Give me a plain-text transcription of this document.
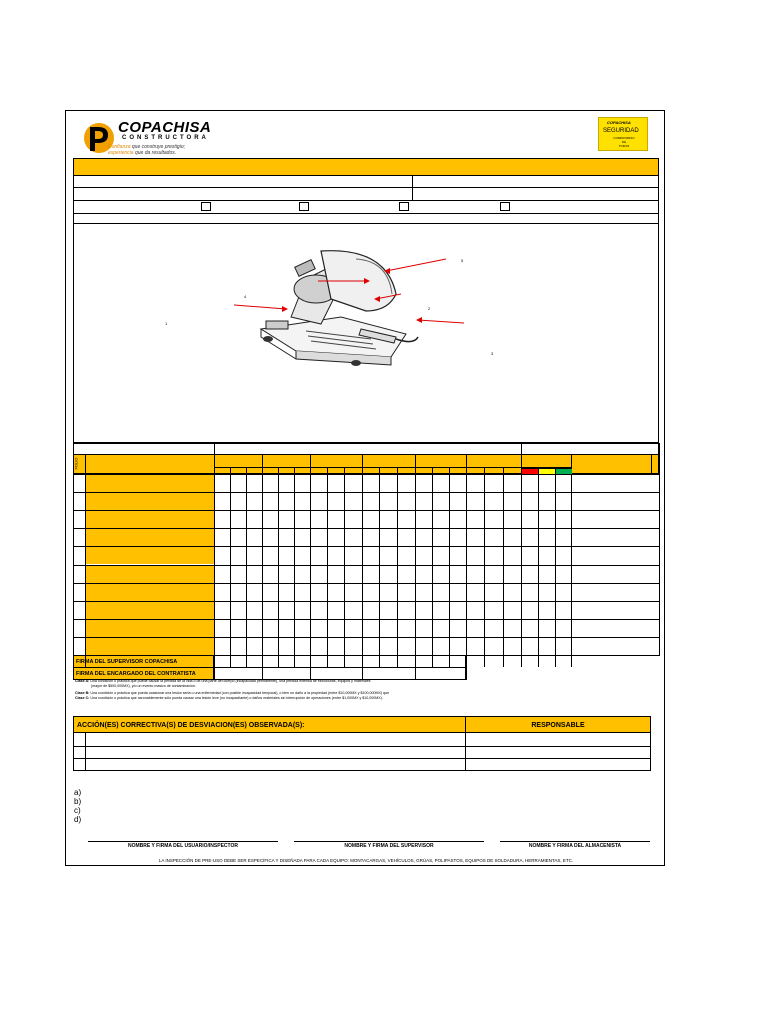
COPACHISA
CONSTRUCTORA
Confianza que construye prestigio;
experiencia que da resultados.
COPACHISA
SEGURIDAD
COMPROMISO
DE
TODOS
5
4
2
1
3
FIRMA DEL SUPERVISOR COPACHISA
FIRMA DEL ENCARGADO DEL CONTRATISTA
Clase A: Una condición o práctica que puede causar la pérdida de la vida o de una parte del cuerpo (incapacidad permanente), una pérdida extensa de estructuras, equipos y materiales
(mayor de $500,000MX), y/o un evento masivo de contaminación.
Clase B: Una condición o práctica que pueda ocasionar una lesión seria o una enfermedad (con posible incapacidad temporal), o bien un daño a la propiedad (entre $10,000MX y $100,000MX) que
Clase C: Una condición o práctica que razonablemente sólo pueda causar una lesión leve (no incapacitante) o daños materiales sin interrupción de operaciones (entre $1,000MX y $10,000MX).
ACCIÓN(ES) CORRECTIVA(S) DE DESVIACION(ES) OBSERVADA(S):	RESPONSABLE
a)
b)
c)
d)
NOMBRE Y FIRMA DEL USUARIO/INSPECTOR	NOMBRE Y FIRMA DEL SUPERVISOR	NOMBRE Y FIRMA DEL ALMACENISTA
LA INSPECCIÓN DE PRE-USO DEBE SER ESPECÍFICA Y DISEÑADA PARA CADA EQUIPO: MONTACARGAS, VEHÍCULOS, GRÚAS, POLIPASTOS, EQUIPOS DE SOLDADURA, HERRAMIENTAS, ETC.
FOLIO
